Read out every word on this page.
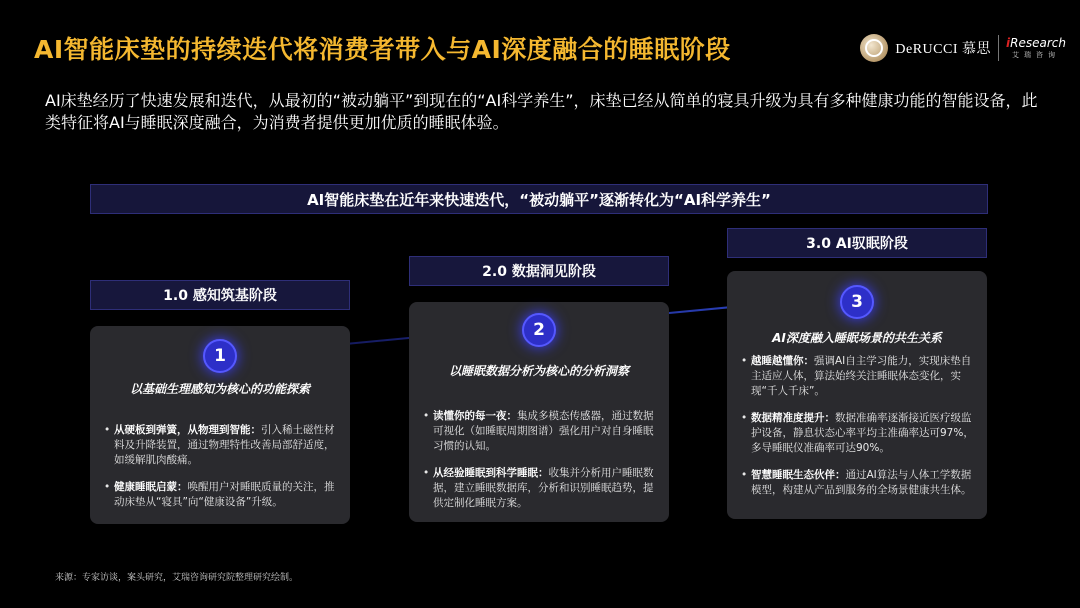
AI智能床垫的持续迭代将消费者带入与AI深度融合的睡眠阶段	DeRUCCI 慕思 iResearch
艾瑞咨询
AI床垫经历了快速发展和迭代，从最初的“被动躺平”到现在的“AI科学养生”，床垫已经从简单的寝具升级为具有多种健康功能的智能设备，此类特征将AI与睡眠深度融合，为消费者提供更加优质的睡眠体验。
AI智能床垫在近年来快速迭代，“被动躺平”逐渐转化为“AI科学养生”
1.0 感知筑基阶段
1
以基础生理感知为核心的功能探索
• 从硬板到弹簧，从物理到智能：引入稀土磁性材料及升降装置，通过物理特性改善局部舒适度，如缓解肌肉酸痛。
• 健康睡眠启蒙：唤醒用户对睡眠质量的关注，推动床垫从“寝具”向“健康设备”升级。
2.0 数据洞见阶段
2
以睡眠数据分析为核心的分析洞察
• 读懂你的每一夜：集成多模态传感器，通过数据可视化（如睡眠周期图谱）强化用户对自身睡眠习惯的认知。
• 从经验睡眠到科学睡眠：收集并分析用户睡眠数据，建立睡眠数据库，分析和识别睡眠趋势，提供定制化睡眠方案。
3.0 AI驭眠阶段
3
AI深度融入睡眠场景的共生关系
• 越睡越懂你：强调AI自主学习能力，实现床垫自主适应人体，算法始终关注睡眠体态变化，实现“千人千床”。
• 数据精准度提升：数据准确率逐渐接近医疗级监护设备，静息状态心率平均主准确率达可97%，多导睡眠仪准确率可达90%。
• 智慧睡眠生态伙伴：通过AI算法与人体工学数据模型，构建从产品到服务的全场景健康共生体。
来源：专家访谈，案头研究，艾瑞咨询研究院整理研究绘制。
